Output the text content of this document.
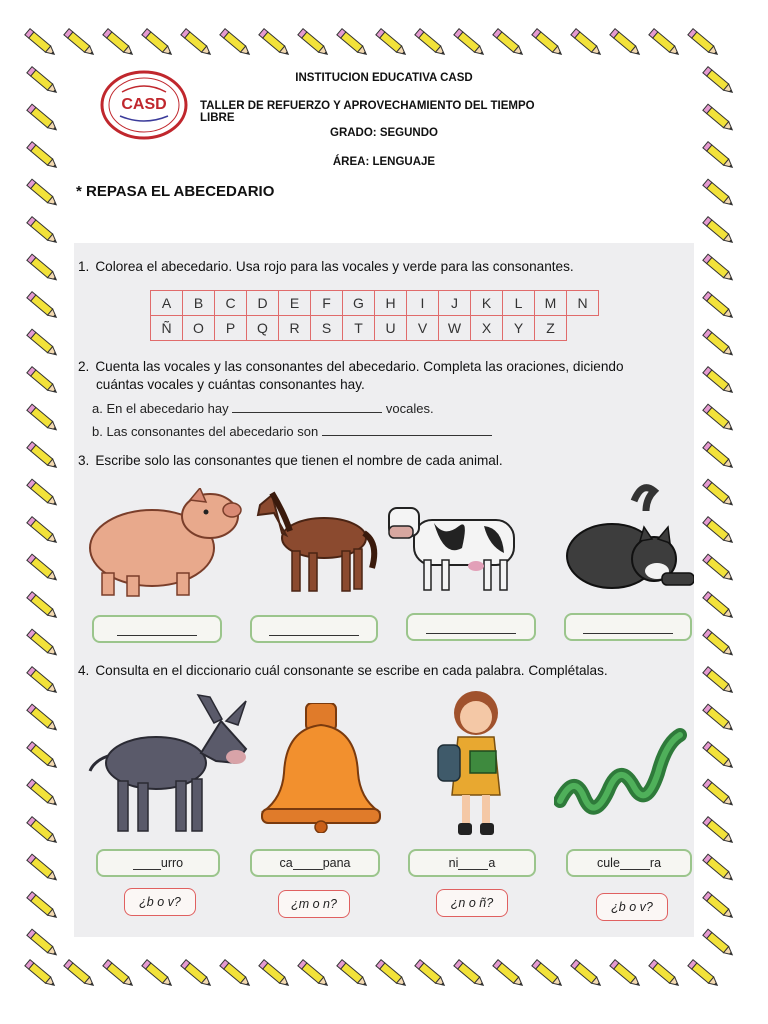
CASD
INSTITUCION EDUCATIVA CASD
TALLER DE REFUERZO Y APROVECHAMIENTO DEL TIEMPO LIBRE
GRADO: SEGUNDO
ÁREA: LENGUAJE
* REPASA EL ABECEDARIO
1. Colorea el abecedario. Usa rojo para las vocales y verde para las consonantes.
A	B	C	D	E	F	G	H	I	J	K	L	M	N
Ñ	O	P	Q	R	S	T	U	V	W	X	Y	Z	
2. Cuenta las vocales y las consonantes del abecedario. Completa las oraciones, diciendo
cuántas vocales y cuántas consonantes hay.
a. En el abecedario hay	vocales.
b. Las consonantes del abecedario son
3. Escribe solo las consonantes que tienen el nombre de cada animal.
4. Consulta en el diccionario cuál consonante se escribe en cada palabra. Complétalas.
urro	ca pana	ni a	cule ra
¿b o v?	¿m o n?	¿n o ñ?	¿b o v?
